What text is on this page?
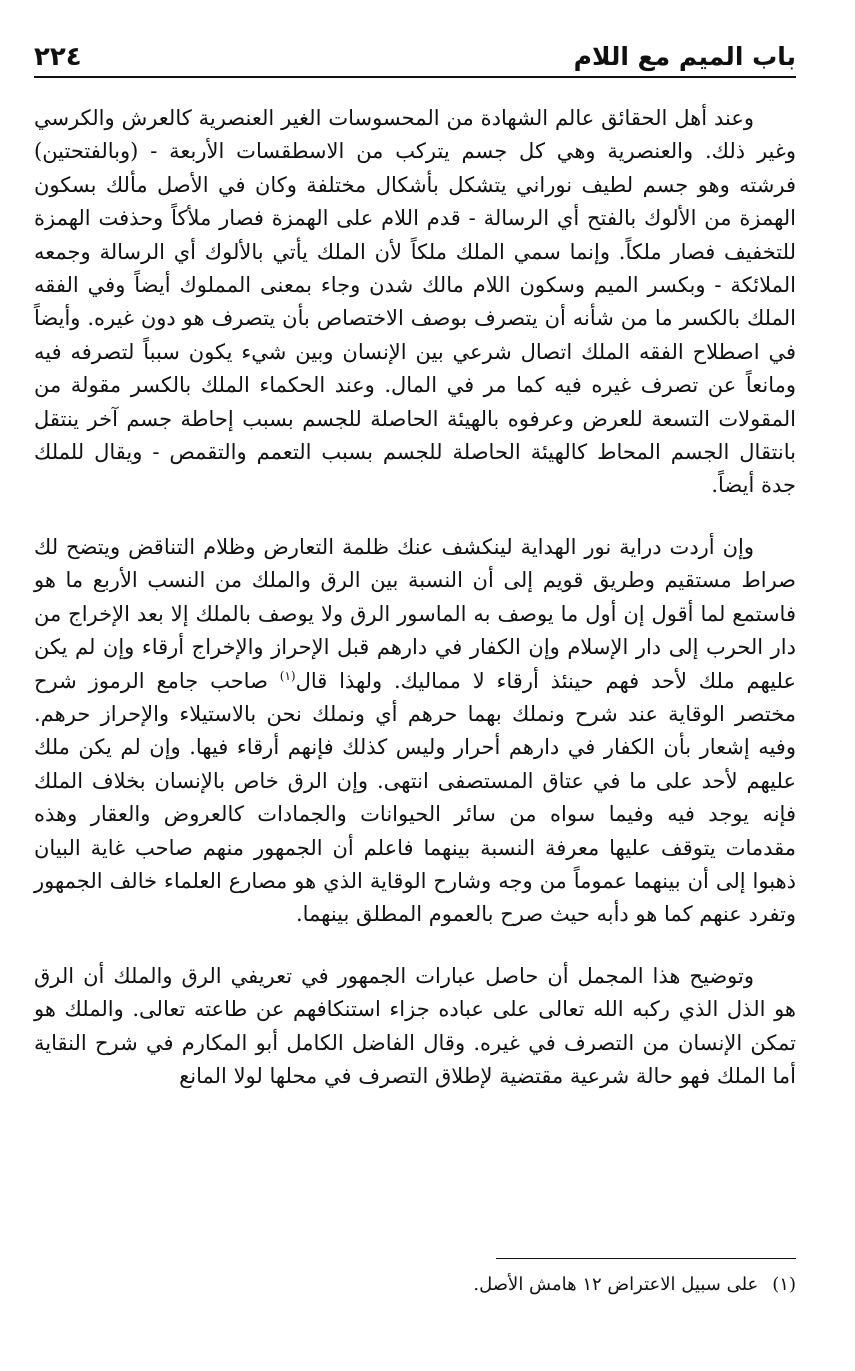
باب الميم مع اللام
٢٢٤

وعند أهل الحقائق عالم الشهادة من المحسوسات الغير العنصرية كالعرش والكرسي وغير ذلك. والعنصرية وهي كل جسم يتركب من الاسطقسات الأربعة - (وبالفتحتين) فرشته وهو جسم لطيف نوراني يتشكل بأشكال مختلفة وكان في الأصل مألك بسكون الهمزة من الألوك بالفتح أي الرسالة - قدم اللام على الهمزة فصار ملأكاً وحذفت الهمزة للتخفيف فصار ملكاً. وإنما سمي الملك ملكاً لأن الملك يأتي بالألوك أي الرسالة وجمعه الملائكة - وبكسر الميم وسكون اللام مالك شدن وجاء بمعنى المملوك أيضاً وفي الفقه الملك بالكسر ما من شأنه أن يتصرف بوصف الاختصاص بأن يتصرف هو دون غيره. وأيضاً في اصطلاح الفقه الملك اتصال شرعي بين الإنسان وبين شيء يكون سبباً لتصرفه فيه ومانعاً عن تصرف غيره فيه كما مر في المال. وعند الحكماء الملك بالكسر مقولة من المقولات التسعة للعرض وعرفوه بالهيئة الحاصلة للجسم بسبب إحاطة جسم آخر ينتقل بانتقال الجسم المحاط كالهيئة الحاصلة للجسم بسبب التعمم والتقمص - ويقال للملك جدة أيضاً.

وإن أردت دراية نور الهداية لينكشف عنك ظلمة التعارض وظلام التناقض ويتضح لك صراط مستقيم وطريق قويم إلى أن النسبة بين الرق والملك من النسب الأربع ما هو فاستمع لما أقول إن أول ما يوصف به الماسور الرق ولا يوصف بالملك إلا بعد الإخراج من دار الحرب إلى دار الإسلام وإن الكفار في دارهم قبل الإحراز والإخراج أرقاء وإن لم يكن عليهم ملك لأحد فهم حينئذ أرقاء لا مماليك. ولهذا قال$^{(١)}$ صاحب جامع الرموز شرح مختصر الوقاية عند شرح ونملك بهما حرهم أي ونملك نحن بالاستيلاء والإحراز حرهم. وفيه إشعار بأن الكفار في دارهم أحرار وليس كذلك فإنهم أرقاء فيها. وإن لم يكن ملك عليهم لأحد على ما في عتاق المستصفى انتهى. وإن الرق خاص بالإنسان بخلاف الملك فإنه يوجد فيه وفيما سواه من سائر الحيوانات والجمادات كالعروض والعقار وهذه مقدمات يتوقف عليها معرفة النسبة بينهما فاعلم أن الجمهور منهم صاحب غاية البيان ذهبوا إلى أن بينهما عموماً من وجه وشارح الوقاية الذي هو مصارع العلماء خالف الجمهور وتفرد عنهم كما هو دأبه حيث صرح بالعموم المطلق بينهما.

وتوضيح هذا المجمل أن حاصل عبارات الجمهور في تعريفي الرق والملك أن الرق هو الذل الذي ركبه الله تعالى على عباده جزاء استنكافهم عن طاعته تعالى. والملك هو تمكن الإنسان من التصرف في غيره. وقال الفاضل الكامل أبو المكارم في شرح النقاية أما الملك فهو حالة شرعية مقتضية لإطلاق التصرف في محلها لولا المانع

(١)على سبيل الاعتراض ١٢ هامش الأصل.
